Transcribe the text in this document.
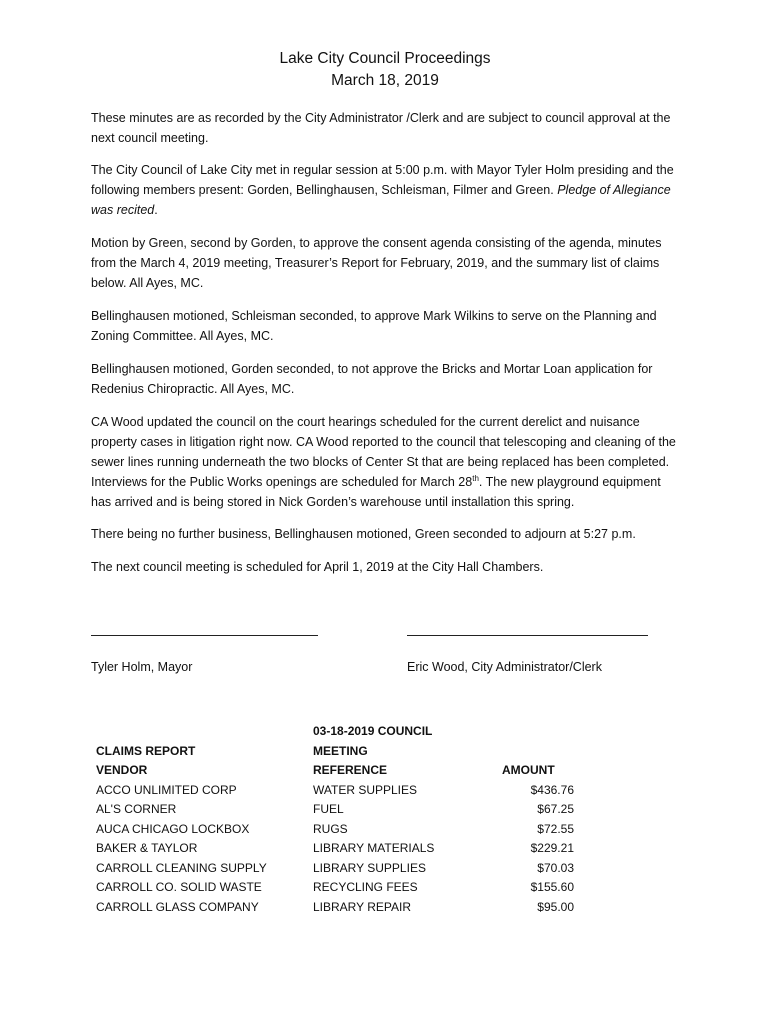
Lake City Council Proceedings
March 18, 2019

These minutes are as recorded by the City Administrator /Clerk and are subject to council approval at the next council meeting.

The City Council of Lake City met in regular session at 5:00 p.m. with Mayor Tyler Holm presiding and the following members present: Gorden, Bellinghausen, Schleisman, Filmer and Green. Pledge of Allegiance was recited.

Motion by Green, second by Gorden, to approve the consent agenda consisting of the agenda, minutes from the March 4, 2019 meeting, Treasurer’s Report for February, 2019, and the summary list of claims below. All Ayes, MC.

Bellinghausen motioned, Schleisman seconded, to approve Mark Wilkins to serve on the Planning and Zoning Committee. All Ayes, MC.

Bellinghausen motioned, Gorden seconded, to not approve the Bricks and Mortar Loan application for Redenius Chiropractic. All Ayes, MC.

CA Wood updated the council on the court hearings scheduled for the current derelict and nuisance property cases in litigation right now. CA Wood reported to the council that telescoping and cleaning of the sewer lines running underneath the two blocks of Center St that are being replaced has been completed. Interviews for the Public Works openings are scheduled for March 28th. The new playground equipment has arrived and is being stored in Nick Gorden’s warehouse until installation this spring.

There being no further business, Bellinghausen motioned, Green seconded to adjourn at 5:27 p.m.

The next council meeting is scheduled for April 1, 2019 at the City Hall Chambers.

Tyler Holm, Mayor	Eric Wood, City Administrator/Clerk
03-18-2019 COUNCIL
CLAIMS REPORT	MEETING
VENDOR	REFERENCE	AMOUNT
ACCO UNLIMITED CORP	WATER SUPPLIES	$436.76
AL'S CORNER	FUEL	$67.25
AUCA CHICAGO LOCKBOX	RUGS	$72.55
BAKER & TAYLOR	LIBRARY MATERIALS	$229.21
CARROLL CLEANING SUPPLY	LIBRARY SUPPLIES	$70.03
CARROLL CO. SOLID WASTE	RECYCLING FEES	$155.60
CARROLL GLASS COMPANY	LIBRARY REPAIR	$95.00
